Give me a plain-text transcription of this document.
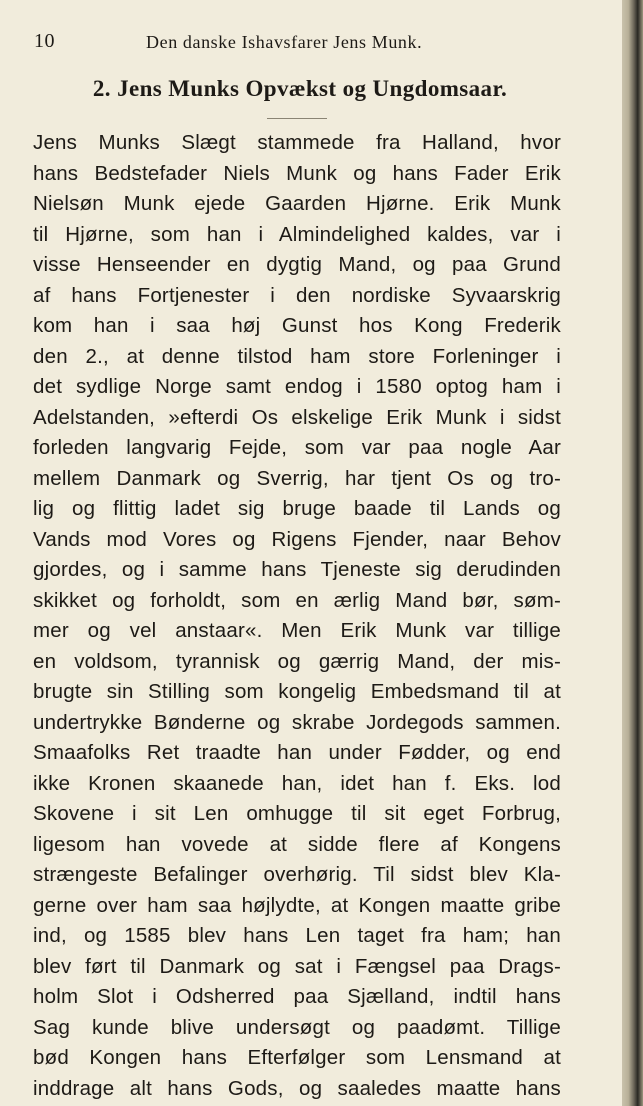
10	Den danske Ishavsfarer Jens Munk.
2. Jens Munks Opvækst og Ungdomsaar.
Jens Munks Slægt stammede fra Halland, hvor
hans Bedstefader Niels Munk og hans Fader Erik
Nielsøn Munk ejede Gaarden Hjørne. Erik Munk
til Hjørne, som han i Almindelighed kaldes, var i
visse Henseender en dygtig Mand, og paa Grund
af hans Fortjenester i den nordiske Syvaarskrig
kom han i saa høj Gunst hos Kong Frederik
den 2., at denne tilstod ham store Forleninger i
det sydlige Norge samt endog i 1580 optog ham i
Adelstanden, »efterdi Os elskelige Erik Munk i sidst
forleden langvarig Fejde, som var paa nogle Aar
mellem Danmark og Sverrig, har tjent Os og tro-
lig og flittig ladet sig bruge baade til Lands og
Vands mod Vores og Rigens Fjender, naar Behov
gjordes, og i samme hans Tjeneste sig derudinden
skikket og forholdt, som en ærlig Mand bør, søm-
mer og vel anstaar«. Men Erik Munk var tillige
en voldsom, tyrannisk og gærrig Mand, der mis-
brugte sin Stilling som kongelig Embedsmand til at
undertrykke Bønderne og skrabe Jordegods sammen.
Smaafolks Ret traadte han under Fødder, og end
ikke Kronen skaanede han, idet han f. Eks. lod
Skovene i sit Len omhugge til sit eget Forbrug,
ligesom han vovede at sidde flere af Kongens
strængeste Befalinger overhørig. Til sidst blev Kla-
gerne over ham saa højlydte, at Kongen maatte gribe
ind, og 1585 blev hans Len taget fra ham; han
blev ført til Danmark og sat i Fængsel paa Drags-
holm Slot i Odsherred paa Sjælland, indtil hans
Sag kunde blive undersøgt og paadømt. Tillige
bød Kongen hans Efterfølger som Lensmand at
inddrage alt hans Gods, og saaledes maatte hans
